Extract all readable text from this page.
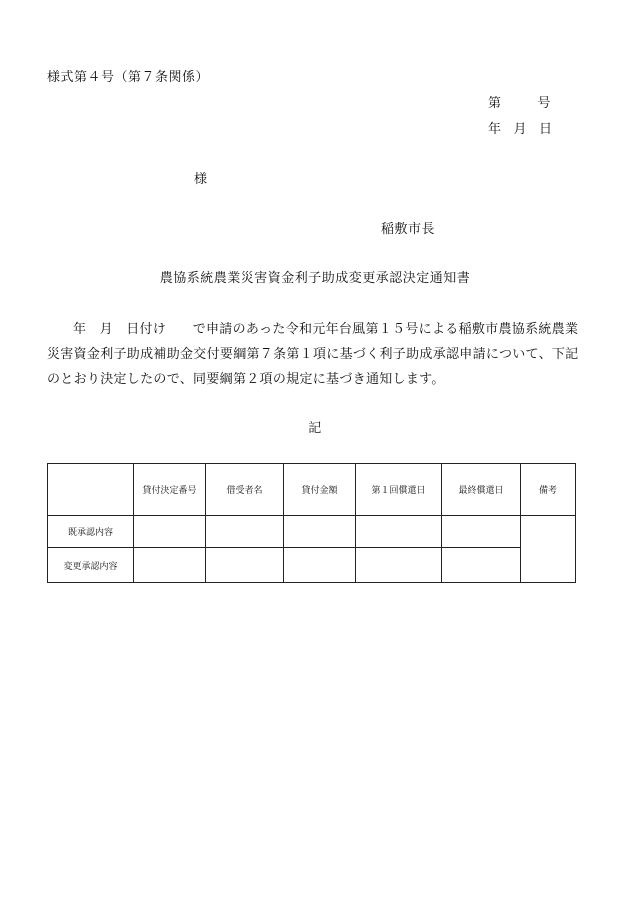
様式第４号（第７条関係）
第	号
年 月 日
様
稲敷市長
農協系統農業災害資金利子助成変更承認決定通知書
年　月　日付け　　で申請のあった令和元年台風第１５号による稲敷市農協系統農業災害資金利子助成補助金交付要綱第７条第１項に基づく利子助成承認申請について、下記のとおり決定したので、同要綱第２項の規定に基づき通知します。
記
	貸付決定番号	借受者名	貸付金額	第１回償還日	最終償還日	備考
既承認内容						
変更承認内容						
